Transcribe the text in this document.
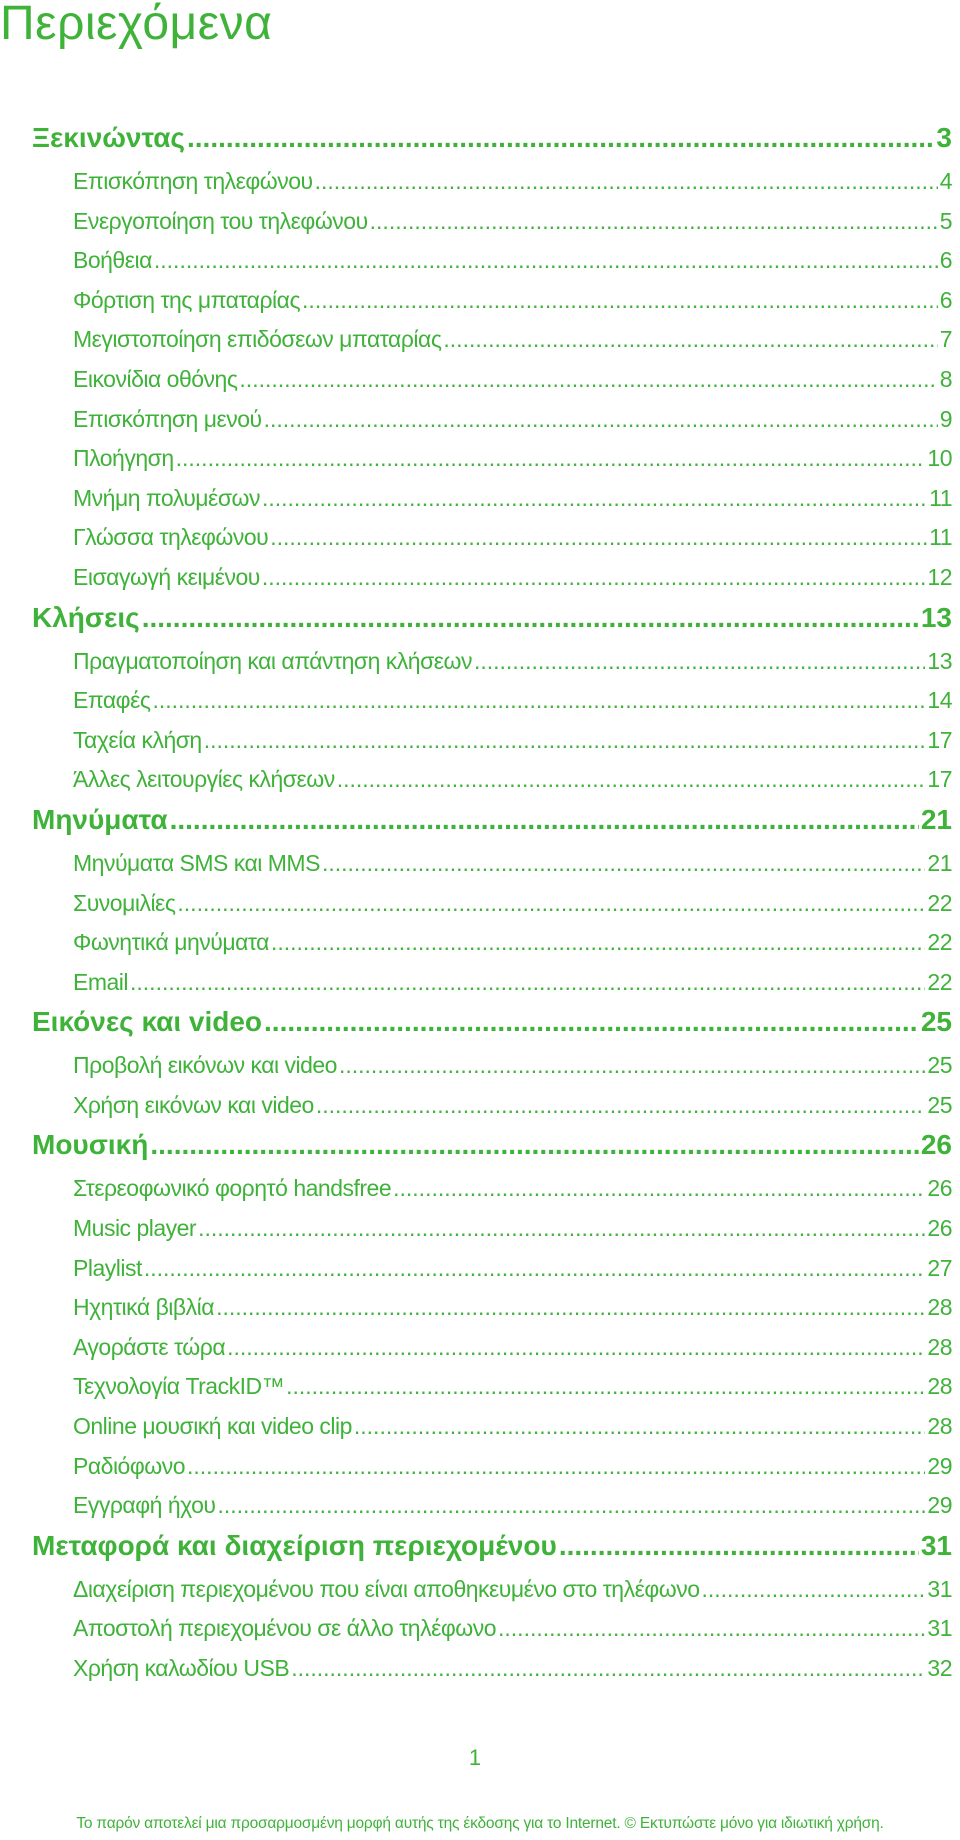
Περιεχόμενα
Ξεκινώντας .....	3
Επισκόπηση τηλεφώνου .....	4
Ενεργοποίηση του τηλεφώνου .....	5
Βοήθεια .....	6
Φόρτιση της μπαταρίας .....	6
Μεγιστοποίηση επιδόσεων μπαταρίας .....	7
Εικονίδια οθόνης .....	8
Επισκόπηση μενού .....	9
Πλοήγηση .....	10
Μνήμη πολυμέσων .....	11
Γλώσσα τηλεφώνου .....	11
Εισαγωγή κειμένου .....	12
Κλήσεις .....	13
Πραγματοποίηση και απάντηση κλήσεων .....	13
Επαφές .....	14
Ταχεία κλήση .....	17
Άλλες λειτουργίες κλήσεων .....	17
Μηνύματα .....	21
Μηνύματα SMS και MMS .....	21
Συνομιλίες .....	22
Φωνητικά μηνύματα .....	22
Email .....	22
Εικόνες και video .....	25
Προβολή εικόνων και video .....	25
Χρήση εικόνων και video .....	25
Μουσική .....	26
Στερεοφωνικό φορητό handsfree .....	26
Music player .....	26
Playlist .....	27
Ηχητικά βιβλία .....	28
Αγοράστε τώρα .....	28
Τεχνολογία TrackID™ .....	28
Online μουσική και video clip .....	28
Ραδιόφωνο .....	29
Εγγραφή ήχου .....	29
Μεταφορά και διαχείριση περιεχομένου .....	31
Διαχείριση περιεχομένου που είναι αποθηκευμένο στο τηλέφωνο .....	31
Αποστολή περιεχομένου σε άλλο τηλέφωνο .....	31
Χρήση καλωδίου USB .....	32
1
Το παρόν αποτελεί μια προσαρμοσμένη μορφή αυτής της έκδοσης για το Internet. © Εκτυπώστε μόνο για ιδιωτική χρήση.
